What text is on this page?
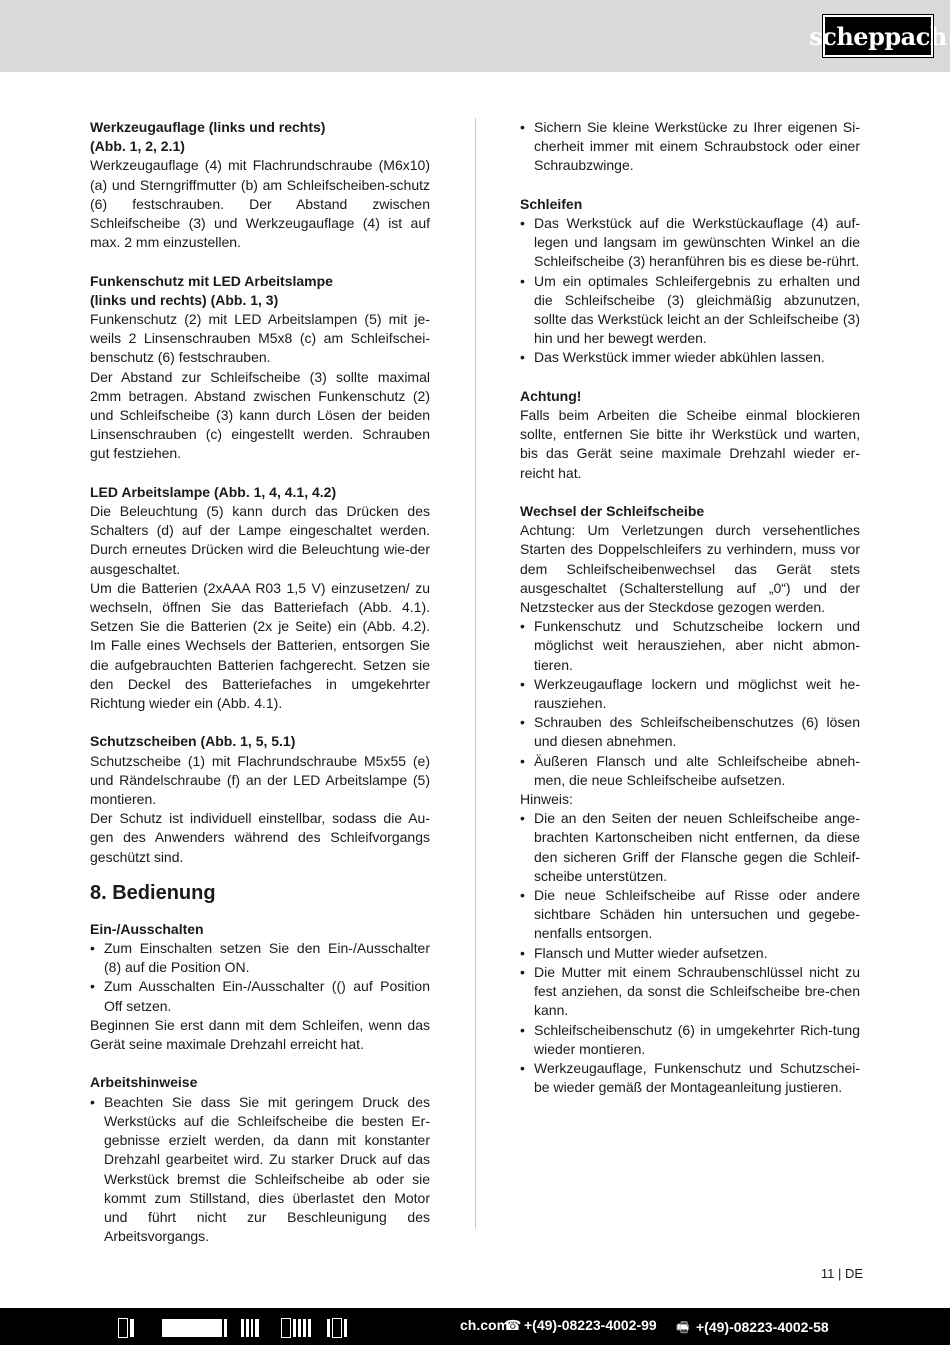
scheppach
Werkzeugauflage (links und rechts)
(Abb. 1, 2, 2.1)

Werkzeugauflage (4) mit Flachrundschraube (M6x10) (a) und Sterngriffmutter (b) am Schleifscheiben-schutz (6) festschrauben. Der Abstand zwischen Schleifscheibe (3) und Werkzeugauflage (4) ist auf max. 2 mm einzustellen.

Funkenschutz mit LED Arbeitslampe
(links und rechts) (Abb. 1, 3)

Funkenschutz (2) mit LED Arbeitslampen (5) mit je-weils 2 Linsenschrauben M5x8 (c) am Schleifschei-benschutz (6) festschrauben.

Der Abstand zur Schleifscheibe (3) sollte maximal 2mm betragen. Abstand zwischen Funkenschutz (2) und Schleifscheibe (3) kann durch Lösen der beiden Linsenschrauben (c) eingestellt werden. Schrauben gut festziehen.

LED Arbeitslampe (Abb. 1, 4, 4.1, 4.2)

Die Beleuchtung (5) kann durch das Drücken des Schalters (d) auf der Lampe eingeschaltet werden. Durch erneutes Drücken wird die Beleuchtung wie-der ausgeschaltet.

Um die Batterien (2xAAA R03 1,5 V) einzusetzen/ zu wechseln, öffnen Sie das Batteriefach (Abb. 4.1). Setzen Sie die Batterien (2x je Seite) ein (Abb. 4.2). Im Falle eines Wechsels der Batterien, entsorgen Sie die aufgebrauchten Batterien fachgerecht. Setzen sie den Deckel des Batteriefaches in umgekehrter Richtung wieder ein (Abb. 4.1).

Schutzscheiben (Abb. 1, 5, 5.1)

Schutzscheibe (1) mit Flachrundschraube M5x55 (e) und Rändelschraube (f) an der LED Arbeitslampe (5) montieren.

Der Schutz ist individuell einstellbar, sodass die Au-gen des Anwenders während des Schleifvorgangs geschützt sind.

8. Bedienung
Ein-/Ausschalten
• Zum Einschalten setzen Sie den Ein-/Ausschalter (8) auf die Position ON.
• Zum Ausschalten Ein-/Ausschalter (() auf Position Off setzen.

Beginnen Sie erst dann mit dem Schleifen, wenn das Gerät seine maximale Drehzahl erreicht hat.

Arbeitshinweise
• Beachten Sie dass Sie mit geringem Druck des Werkstücks auf die Schleifscheibe die besten Er-gebnisse erzielt werden, da dann mit konstanter Drehzahl gearbeitet wird. Zu starker Druck auf das Werkstück bremst die Schleifscheibe ab oder sie kommt zum Stillstand, dies überlastet den Motor und führt nicht zur Beschleunigung des Arbeitsvorgangs.
• Sichern Sie kleine Werkstücke zu Ihrer eigenen Si-cherheit immer mit einem Schraubstock oder einer Schraubzwinge.
Schleifen
• Das Werkstück auf die Werkstückauflage (4) auf-legen und langsam im gewünschten Winkel an die Schleifscheibe (3) heranführen bis es diese be-rührt.
• Um ein optimales Schleifergebnis zu erhalten und die Schleifscheibe (3) gleichmäßig abzunutzen, sollte das Werkstück leicht an der Schleifscheibe (3) hin und her bewegt werden.
• Das Werkstück immer wieder abkühlen lassen.
Achtung!

Falls beim Arbeiten die Scheibe einmal blockieren sollte, entfernen Sie bitte ihr Werkstück und warten, bis das Gerät seine maximale Drehzahl wieder er-reicht hat.

Wechsel der Schleifscheibe

Achtung: Um Verletzungen durch versehentliches Starten des Doppelschleifers zu verhindern, muss vor dem Schleifscheibenwechsel das Gerät stets ausgeschaltet (Schalterstellung auf „0“) und der Netzstecker aus der Steckdose gezogen werden.

• Funkenschutz und Schutzscheibe lockern und möglichst weit herausziehen, aber nicht abmon-tieren.
• Werkzeugauflage lockern und möglichst weit he-rausziehen.
• Schrauben des Schleifscheibenschutzes (6) lösen und diesen abnehmen.
• Äußeren Flansch und alte Schleifscheibe abneh-men, die neue Schleifscheibe aufsetzen.

Hinweis:

• Die an den Seiten der neuen Schleifscheibe ange-brachten Kartonscheiben nicht entfernen, da diese den sicheren Griff der Flansche gegen die Schleif-scheibe unterstützen.
• Die neue Schleifscheibe auf Risse oder andere sichtbare Schäden hin untersuchen und gegebe-nenfalls entsorgen.
• Flansch und Mutter wieder aufsetzen.
• Die Mutter mit einem Schraubenschlüssel nicht zu fest anziehen, da sonst die Schleifscheibe bre-chen kann.
• Schleifscheibenschutz (6) in umgekehrter Rich-tung wieder montieren.
• Werkzeugauflage, Funkenschutz und Schutzschei-be wieder gemäß der Montageanleitung justieren.
11 | DE
ch.com
☎ +(49)-08223-4002-99 🖷 +(49)-08223-4002-58
